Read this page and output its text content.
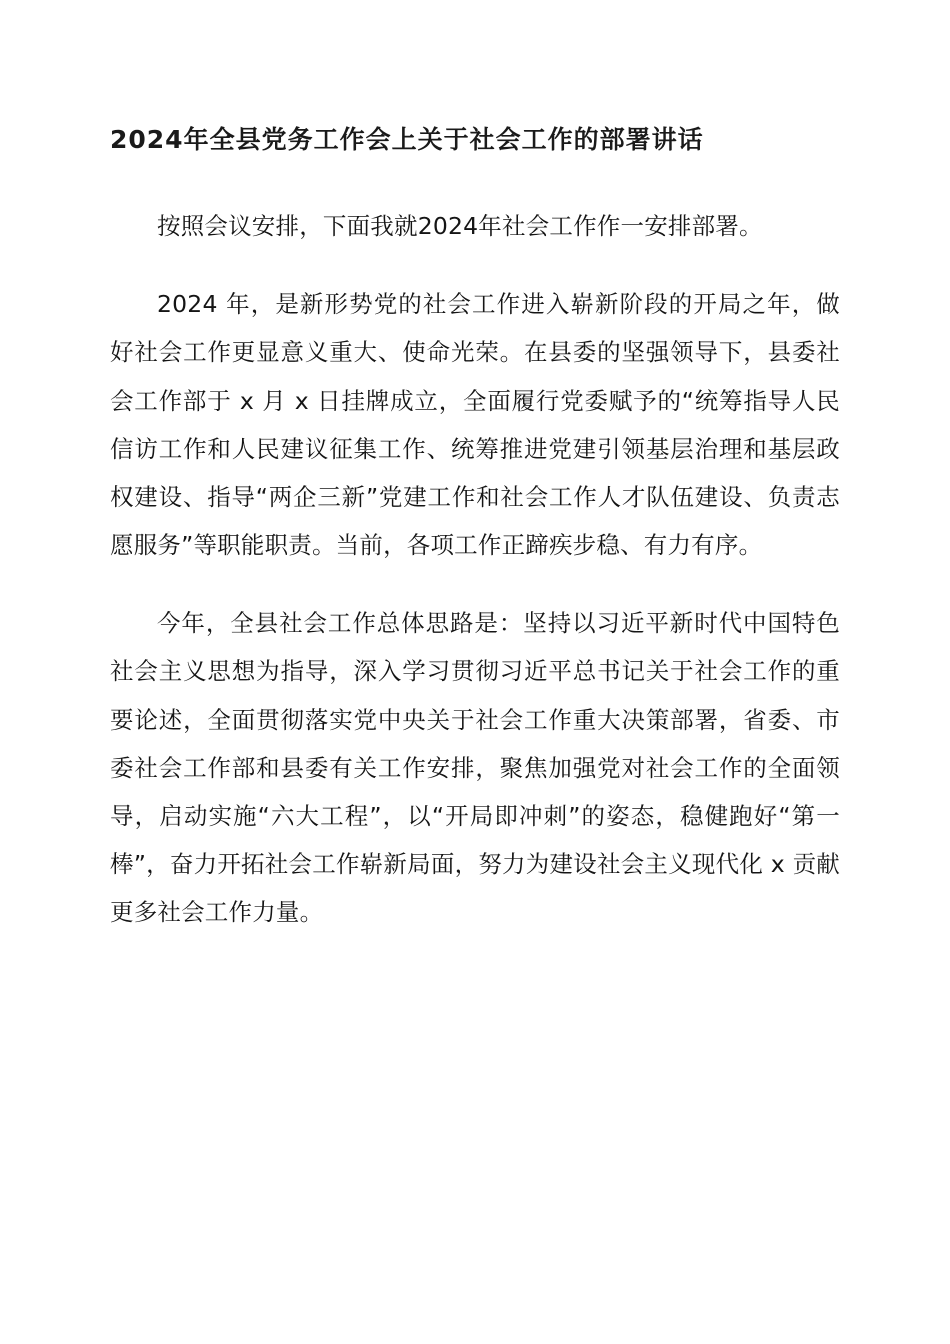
2024年全县党务工作会上关于社会工作的部署讲话

按照会议安排，下面我就2024年社会工作作一安排部署。

2024 年，是新形势党的社会工作进入崭新阶段的开局之年，做好社会工作更显意义重大、使命光荣。在县委的坚强领导下，县委社会工作部于 x 月 x 日挂牌成立，全面履行党委赋予的“统筹指导人民信访工作和人民建议征集工作、统筹推进党建引领基层治理和基层政权建设、指导“两企三新”党建工作和社会工作人才队伍建设、负责志愿服务”等职能职责。当前，各项工作正蹄疾步稳、有力有序。

今年，全县社会工作总体思路是：坚持以习近平新时代中国特色社会主义思想为指导，深入学习贯彻习近平总书记关于社会工作的重要论述，全面贯彻落实党中央关于社会工作重大决策部署，省委、市委社会工作部和县委有关工作安排，聚焦加强党对社会工作的全面领导，启动实施“六大工程”，以“开局即冲刺”的姿态，稳健跑好“第一棒”，奋力开拓社会工作崭新局面，努力为建设社会主义现代化 x 贡献更多社会工作力量。
